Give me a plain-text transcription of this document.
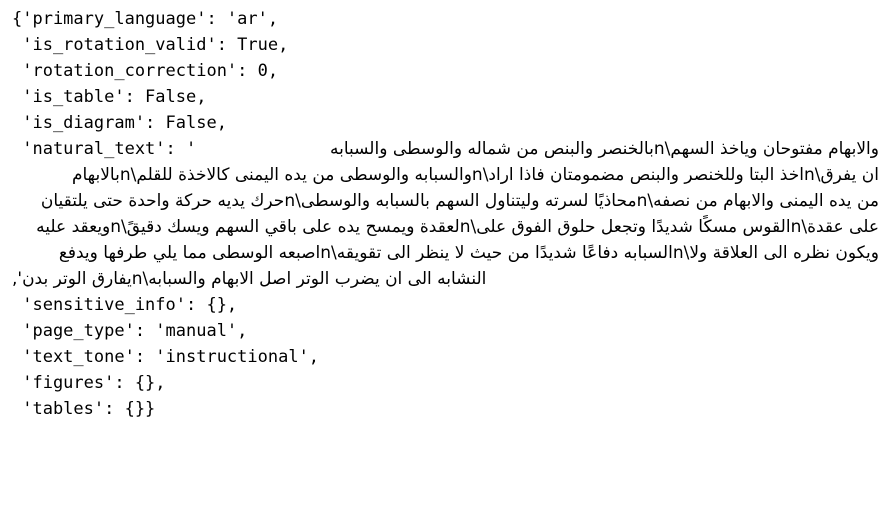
{'primary_language': 'ar',
'is_rotation_valid': True,
'rotation_correction': 0,
'is_table': False,
'is_diagram': False,
'natural_text': '	والابهام مفتوحان وياخذ السهم\nبالخنصر والبنص من شماله والوسطى والسبابه
ان يفرق\nاخذ البتا وللخنصر والبنص مضمومتان فاذا اراد\nوالسبابه والوسطى من يده اليمنى كالاخذة للقلم\nبالابهام
من يده اليمنى والابهام من نصفه\nمحاذيًا لسرته وليتناول السهم بالسبابه والوسطى\nحرك يديه حركة واحدة حتى يلتقيان
على عقدة\nالقوس مسكًا شديدًا وتجعل حلوق الفوق على\nلعقدة ويمسح يده على باقي السهم ويسك دقيقً\nويعقد عليه
ويكون نظره الى العلاقة ولا\nالسبابه دفاعًا شديدًا من حيث لا ينظر الى تقويقه\nاصبعه الوسطى مما يلي طرفها ويدفع
النشابه الى ان يضرب الوتر اصل الابهام والسبابه\nيفارق الوتر بدن',
'sensitive_info': {},
'page_type': 'manual',
'text_tone': 'instructional',
'figures': {},
'tables': {}}
